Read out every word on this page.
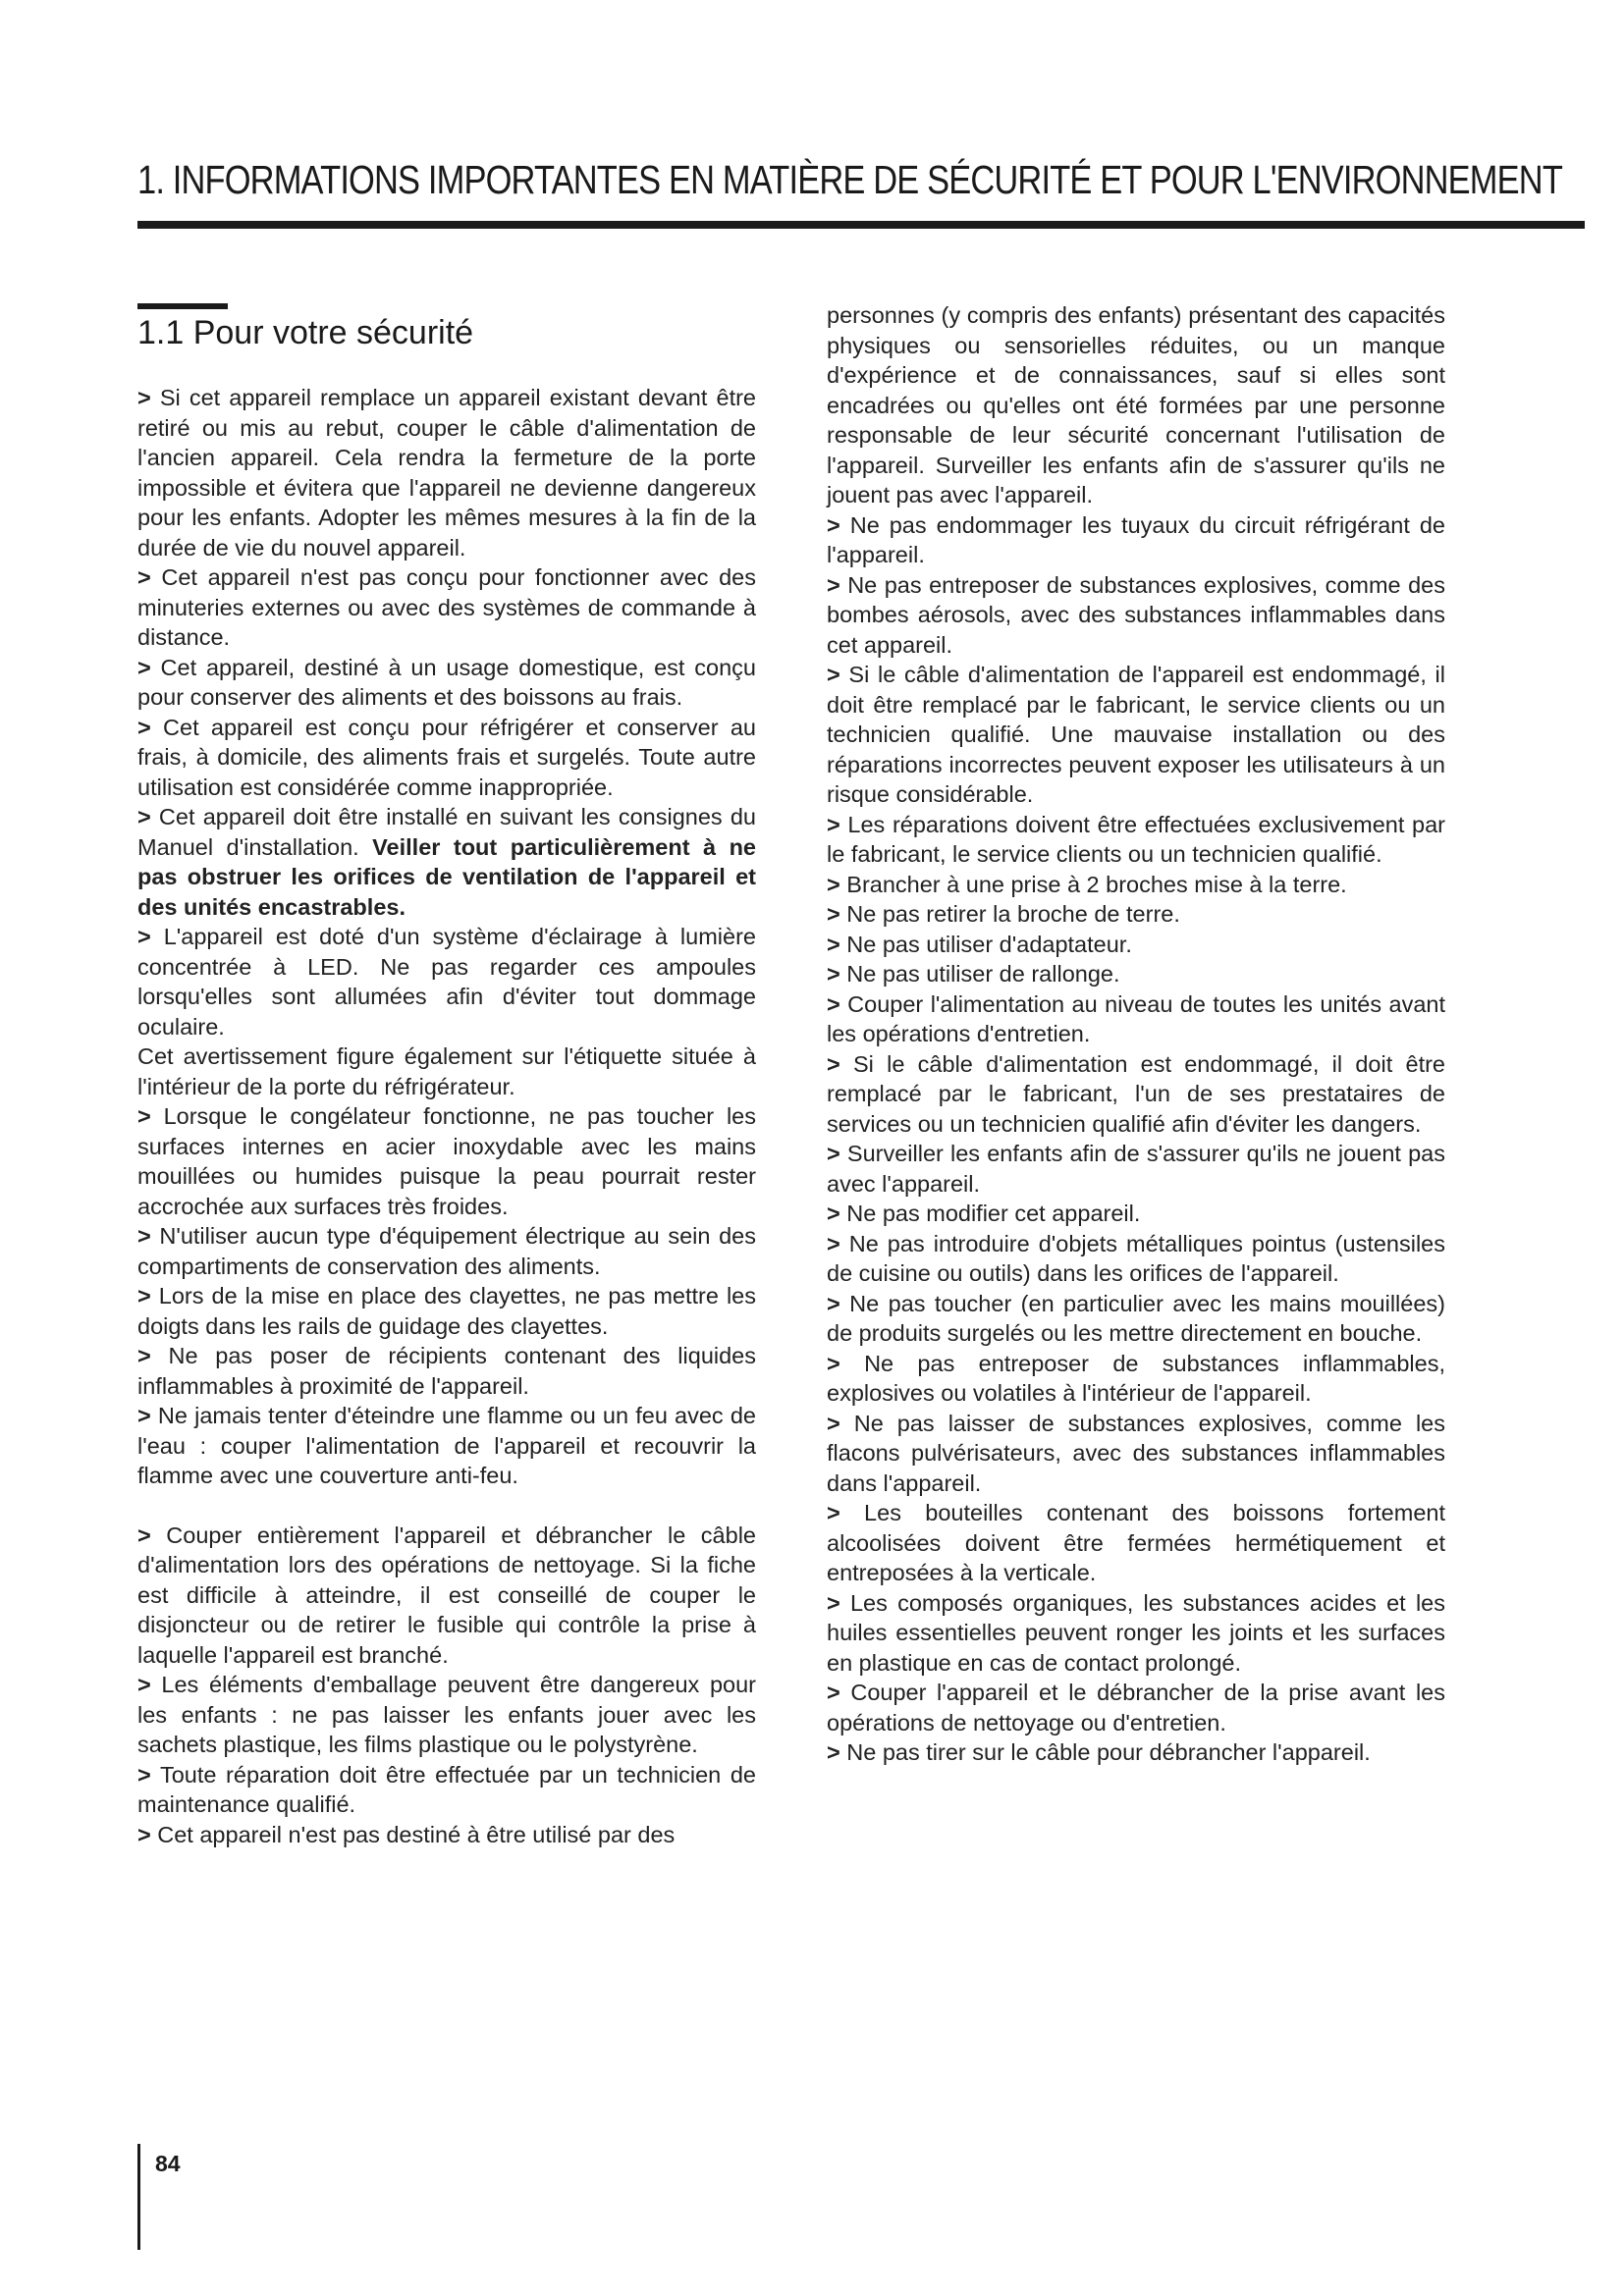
1. INFORMATIONS IMPORTANTES EN MATIÈRE DE SÉCURITÉ ET POUR L'ENVIRONNEMENT
1.1 Pour votre sécurité

> Si cet appareil remplace un appareil existant devant être retiré ou mis au rebut, couper le câble d'alimentation de l'ancien appareil. Cela rendra la fermeture de la porte impossible et évitera que l'appareil ne devienne dangereux pour les enfants. Adopter les mêmes mesures à la fin de la durée de vie du nouvel appareil.

> Cet appareil n'est pas conçu pour fonctionner avec des minuteries externes ou avec des systèmes de commande à distance.

> Cet appareil, destiné à un usage domestique, est conçu pour conserver des aliments et des boissons au frais.

> Cet appareil est conçu pour réfrigérer et conserver au frais, à domicile, des aliments frais et surgelés. Toute autre utilisation est considérée comme inappropriée.

> Cet appareil doit être installé en suivant les consignes du Manuel d'installation. Veiller tout particulièrement à ne pas obstruer les orifices de ventilation de l'appareil et des unités encastrables.

> L'appareil est doté d'un système d'éclairage à lumière concentrée à LED. Ne pas regarder ces ampoules lorsqu'elles sont allumées afin d'éviter tout dommage oculaire.

Cet avertissement figure également sur l'étiquette située à l'intérieur de la porte du réfrigérateur.

> Lorsque le congélateur fonctionne, ne pas toucher les surfaces internes en acier inoxydable avec les mains mouillées ou humides puisque la peau pourrait rester accrochée aux surfaces très froides.

> N'utiliser aucun type d'équipement électrique au sein des compartiments de conservation des aliments.

> Lors de la mise en place des clayettes, ne pas mettre les doigts dans les rails de guidage des clayettes.

> Ne pas poser de récipients contenant des liquides inflammables à proximité de l'appareil.

> Ne jamais tenter d'éteindre une flamme ou un feu avec de l'eau : couper l'alimentation de l'appareil et recouvrir la flamme avec une couverture anti-feu.

> Couper entièrement l'appareil et débrancher le câble d'alimentation lors des opérations de nettoyage. Si la fiche est difficile à atteindre, il est conseillé de couper le disjoncteur ou de retirer le fusible qui contrôle la prise à laquelle l'appareil est branché.

> Les éléments d'emballage peuvent être dangereux pour les enfants : ne pas laisser les enfants jouer avec les sachets plastique, les films plastique ou le polystyrène.

> Toute réparation doit être effectuée par un technicien de maintenance qualifié.

> Cet appareil n'est pas destiné à être utilisé par des

personnes (y compris des enfants) présentant des capacités physiques ou sensorielles réduites, ou un manque d'expérience et de connaissances, sauf si elles sont encadrées ou qu'elles ont été formées par une personne responsable de leur sécurité concernant l'utilisation de l'appareil. Surveiller les enfants afin de s'assurer qu'ils ne jouent pas avec l'appareil.

> Ne pas endommager les tuyaux du circuit réfrigérant de l'appareil.

> Ne pas entreposer de substances explosives, comme des bombes aérosols, avec des substances inflammables dans cet appareil.

> Si le câble d'alimentation de l'appareil est endommagé, il doit être remplacé par le fabricant, le service clients ou un technicien qualifié. Une mauvaise installation ou des réparations incorrectes peuvent exposer les utilisateurs à un risque considérable.

> Les réparations doivent être effectuées exclusivement par le fabricant, le service clients ou un technicien qualifié.

> Brancher à une prise à 2 broches mise à la terre.

> Ne pas retirer la broche de terre.

> Ne pas utiliser d'adaptateur.

> Ne pas utiliser de rallonge.

> Couper l'alimentation au niveau de toutes les unités avant les opérations d'entretien.

> Si le câble d'alimentation est endommagé, il doit être remplacé par le fabricant, l'un de ses prestataires de services ou un technicien qualifié afin d'éviter les dangers.

> Surveiller les enfants afin de s'assurer qu'ils ne jouent pas avec l'appareil.

> Ne pas modifier cet appareil.

> Ne pas introduire d'objets métalliques pointus (ustensiles de cuisine ou outils) dans les orifices de l'appareil.

> Ne pas toucher (en particulier avec les mains mouillées) de produits surgelés ou les mettre directement en bouche.

> Ne pas entreposer de substances inflammables, explosives ou volatiles à l'intérieur de l'appareil.

> Ne pas laisser de substances explosives, comme les flacons pulvérisateurs, avec des substances inflammables dans l'appareil.

> Les bouteilles contenant des boissons fortement alcoolisées doivent être fermées hermétiquement et entreposées à la verticale.

> Les composés organiques, les substances acides et les huiles essentielles peuvent ronger les joints et les surfaces en plastique en cas de contact prolongé.

> Couper l'appareil et le débrancher de la prise avant les opérations de nettoyage ou d'entretien.

> Ne pas tirer sur le câble pour débrancher l'appareil.

84
